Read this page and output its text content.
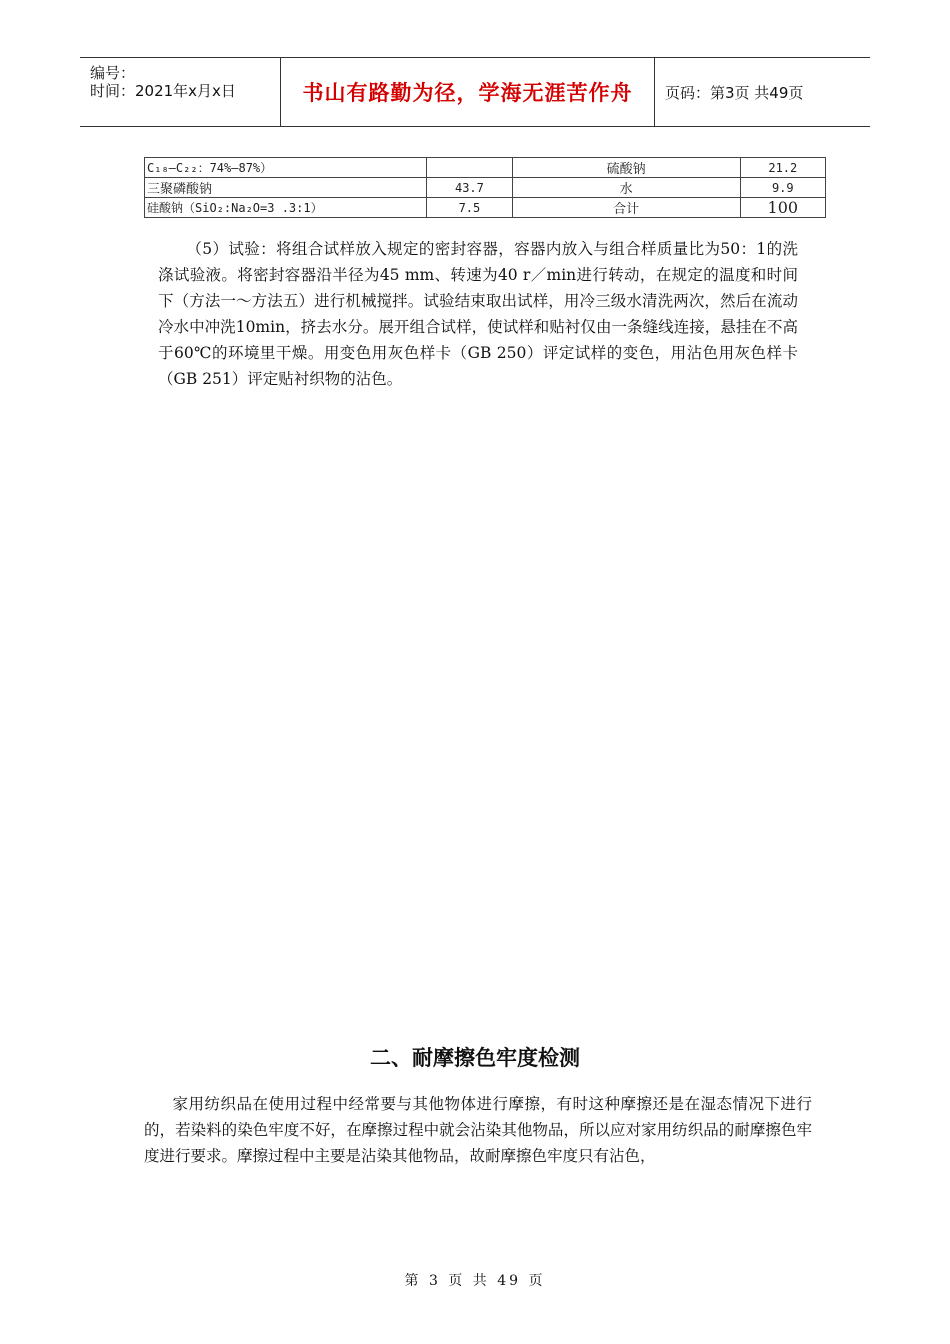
编号：
时间：2021年x月x日	书山有路勤为径，学海无涯苦作舟 页码：第3页 共49页
C₁₈—C₂₂：74%—87%）		硫酸钠	21.2
三聚磷酸钠	43.7	水	9.9
硅酸钠（SiO₂:Na₂O=3 .3:1）	7.5	合计	100
（5）试验：将组合试样放入规定的密封容器，容器内放入与组合样质量比为50：1的洗涤试验液。将密封容器沿半径为45 mm、转速为40 r／min进行转动，在规定的温度和时间下（方法一～方法五）进行机械搅拌。试验结束取出试样，用冷三级水清洗两次，然后在流动冷水中冲洗10min，挤去水分。展开组合试样，使试样和贴衬仅由一条缝线连接，悬挂在不高于60℃的环境里干燥。用变色用灰色样卡（GB 250）评定试样的变色，用沾色用灰色样卡（GB 251）评定贴衬织物的沾色。
二、耐摩擦色牢度检测
家用纺织品在使用过程中经常要与其他物体进行摩擦，有时这种摩擦还是在湿态情况下进行的，若染料的染色牢度不好，在摩擦过程中就会沾染其他物品，所以应对家用纺织品的耐摩擦色牢度进行要求。摩擦过程中主要是沾染其他物品，故耐摩擦色牢度只有沾色，
第 3 页 共 49 页
